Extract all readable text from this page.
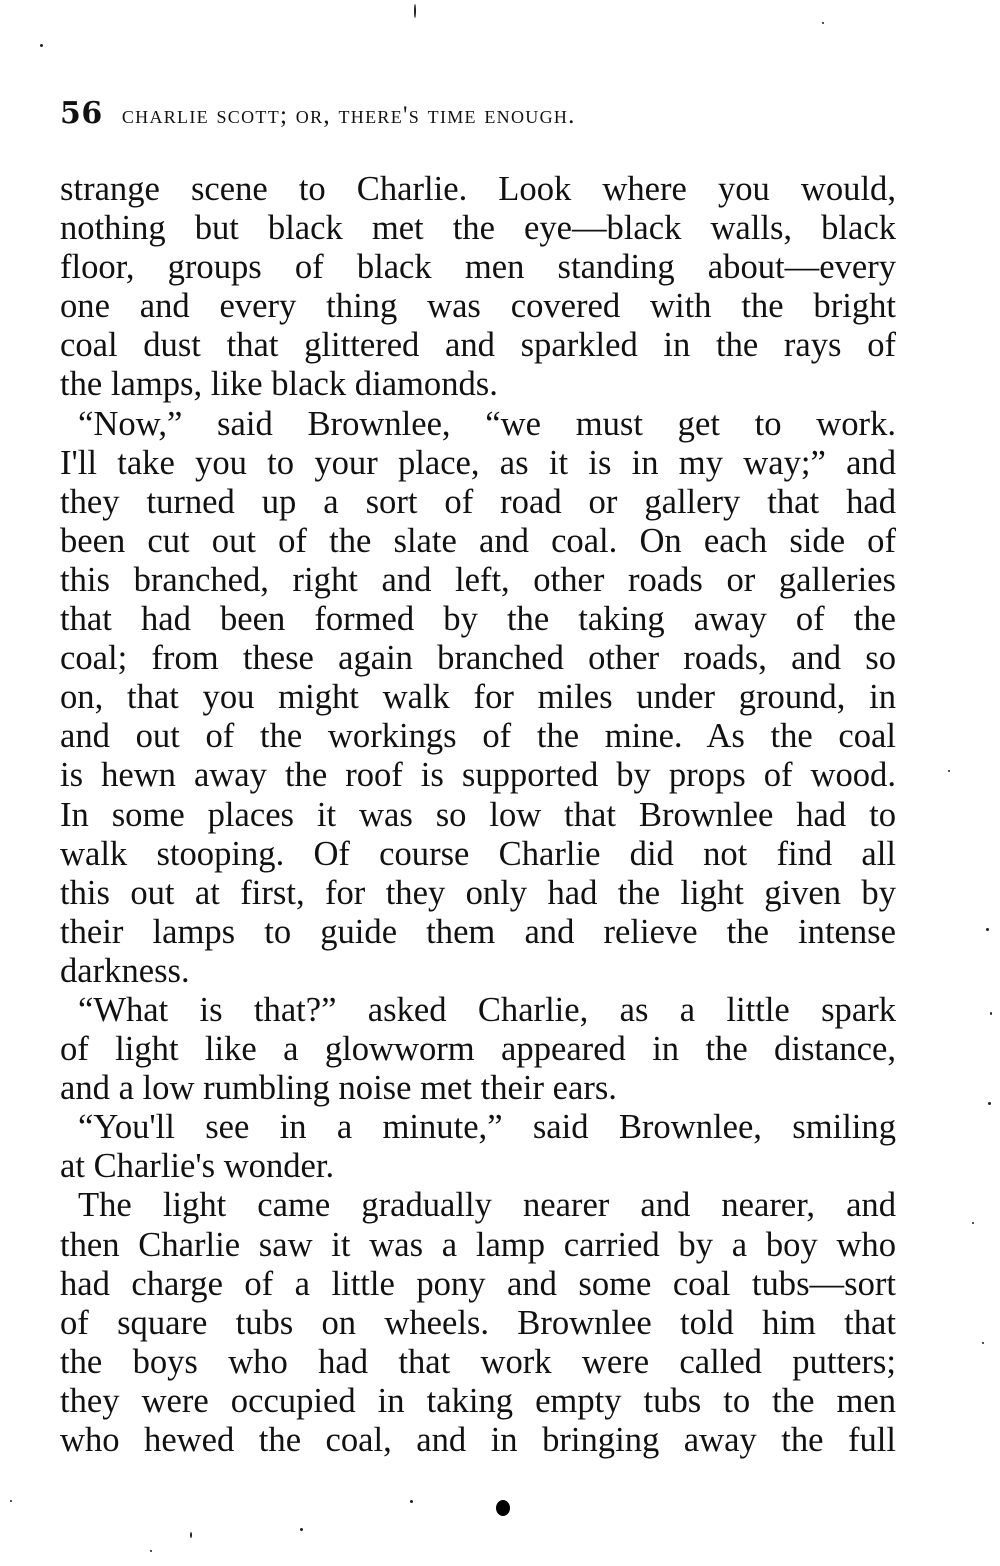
56 charlie scott; or, there's time enough.
strange scene to Charlie. Look where you would,
nothing but black met the eye—black walls, black
floor, groups of black men standing about—every
one and every thing was covered with the bright
coal dust that glittered and sparkled in the rays of
the lamps, like black diamonds.
“Now,” said Brownlee, “we must get to work.
I'll take you to your place, as it is in my way;” and
they turned up a sort of road or gallery that had
been cut out of the slate and coal. On each side of
this branched, right and left, other roads or galleries
that had been formed by the taking away of the
coal; from these again branched other roads, and so
on, that you might walk for miles under ground, in
and out of the workings of the mine. As the coal
is hewn away the roof is supported by props of wood.
In some places it was so low that Brownlee had to
walk stooping. Of course Charlie did not find all
this out at first, for they only had the light given by
their lamps to guide them and relieve the intense
darkness.
“What is that?” asked Charlie, as a little spark
of light like a glowworm appeared in the distance,
and a low rumbling noise met their ears.
“You'll see in a minute,” said Brownlee, smiling
at Charlie's wonder.
The light came gradually nearer and nearer, and
then Charlie saw it was a lamp carried by a boy who
had charge of a little pony and some coal tubs—sort
of square tubs on wheels. Brownlee told him that
the boys who had that work were called putters;
they were occupied in taking empty tubs to the men
who hewed the coal, and in bringing away the full
